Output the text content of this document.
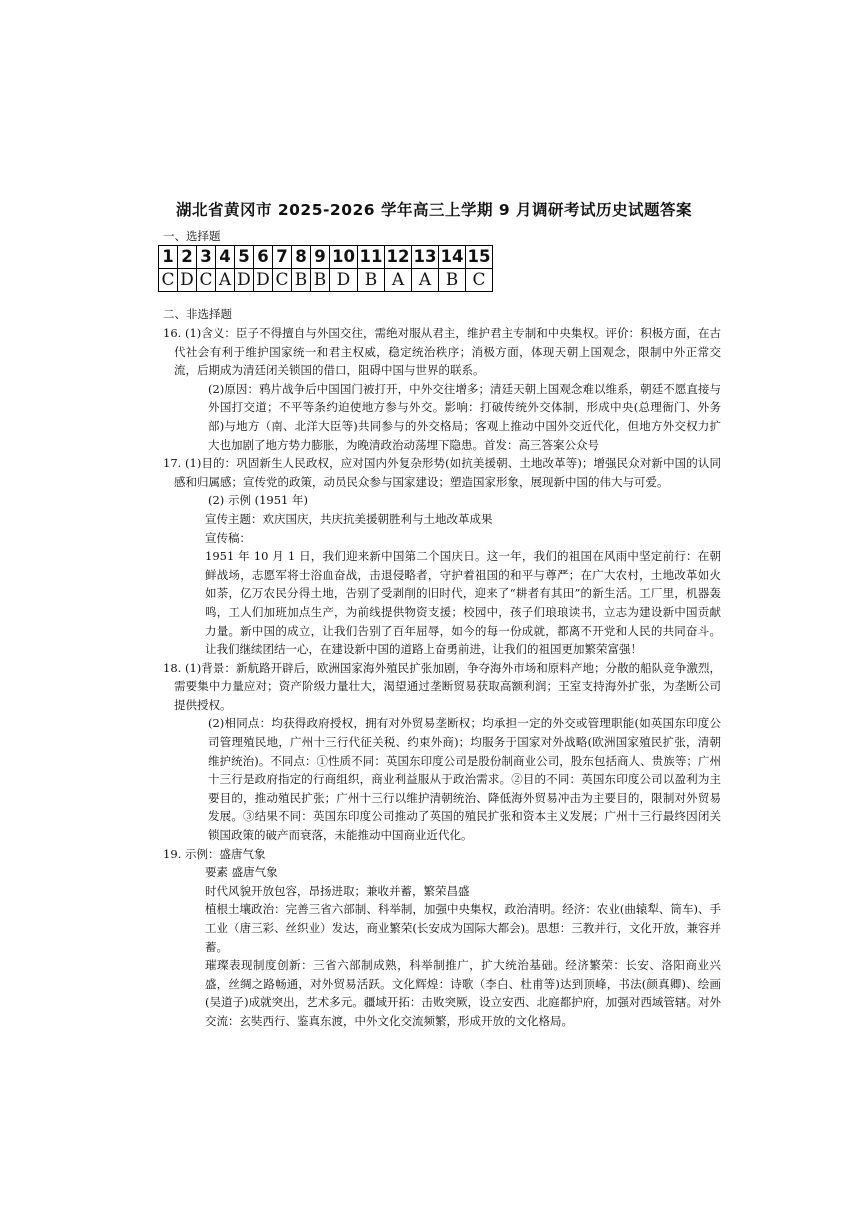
湖北省黄冈市 2025-2026 学年高三上学期 9 月调研考试历史试题答案
一、选择题
1	2	3	4	5	6	7	8	9	10	11	12	13	14	15
C	D	C	A	D	D	C	B	B	D	B	A	A	B	C
二、非选择题

16. (1)含义：臣子不得擅自与外国交往，需绝对服从君主，维护君主专制和中央集权。评价：积极方面，在古代社会有利于维护国家统一和君主权威，稳定统治秩序；消极方面，体现天朝上国观念，限制中外正常交流，后期成为清廷闭关锁国的借口，阻碍中国与世界的联系。

(2)原因：鸦片战争后中国国门被打开，中外交往增多；清廷天朝上国观念难以维系，朝廷不愿直接与外国打交道；不平等条约迫使地方参与外交。影响：打破传统外交体制，形成中央(总理衙门、外务部)与地方（南、北洋大臣等)共同参与的外交格局；客观上推动中国外交近代化，但地方外交权力扩大也加剧了地方势力膨胀，为晚清政治动荡埋下隐患。首发：高三答案公众号

17. (1)目的：巩固新生人民政权，应对国内外复杂形势(如抗美援朝、土地改革等)；增强民众对新中国的认同感和归属感；宣传党的政策，动员民众参与国家建设；塑造国家形象，展现新中国的伟大与可爱。

(2) 示例 (1951 年)

宣传主题：欢庆国庆，共庆抗美援朝胜利与土地改革成果

宣传稿：

1951 年 10 月 1 日，我们迎来新中国第二个国庆日。这一年，我们的祖国在风雨中坚定前行：在朝鲜战场，志愿军将士浴血奋战，击退侵略者，守护着祖国的和平与尊严；在广大农村，土地改革如火如荼，亿万农民分得土地，告别了受剥削的旧时代，迎来了“耕者有其田”的新生活。工厂里，机器轰鸣，工人们加班加点生产，为前线提供物资支援；校园中，孩子们琅琅读书，立志为建设新中国贡献力量。新中国的成立，让我们告别了百年屈辱，如今的每一份成就，都离不开党和人民的共同奋斗。让我们继续团结一心，在建设新中国的道路上奋勇前进，让我们的祖国更加繁荣富强！

18. (1)背景：新航路开辟后，欧洲国家海外殖民扩张加剧，争夺海外市场和原料产地；分散的船队竞争激烈，需要集中力量应对；资产阶级力量壮大，渴望通过垄断贸易获取高额利润；王室支持海外扩张，为垄断公司提供授权。

(2)相同点：均获得政府授权，拥有对外贸易垄断权；均承担一定的外交或管理职能(如英国东印度公司管理殖民地，广州十三行代征关税、约束外商)；均服务于国家对外战略(欧洲国家殖民扩张，清朝维护统治)。不同点：①性质不同：英国东印度公司是股份制商业公司，股东包括商人、贵族等；广州十三行是政府指定的行商组织，商业利益服从于政治需求。②目的不同：英国东印度公司以盈利为主要目的，推动殖民扩张；广州十三行以维护清朝统治、降低海外贸易冲击为主要目的，限制对外贸易发展。③结果不同：英国东印度公司推动了英国的殖民扩张和资本主义发展；广州十三行最终因闭关锁国政策的破产而衰落，未能推动中国商业近代化。

19. 示例：盛唐气象

要素 盛唐气象

时代风貌开放包容，昂扬进取；兼收并蓄，繁荣昌盛

植根土壤政治：完善三省六部制、科举制，加强中央集权，政治清明。经济：农业(曲辕犁、筒车)、手工业（唐三彩、丝织业）发达，商业繁荣(长安成为国际大都会)。思想：三教并行，文化开放，兼容并蓄。

璀璨表现制度创新：三省六部制成熟，科举制推广，扩大统治基础。经济繁荣：长安、洛阳商业兴盛，丝绸之路畅通，对外贸易活跃。文化辉煌：诗歌（李白、杜甫等)达到顶峰，书法(颜真卿)、绘画(吴道子)成就突出，艺术多元。疆域开拓：击败突厥，设立安西、北庭都护府，加强对西域管辖。对外交流：玄奘西行、鉴真东渡，中外文化交流频繁，形成开放的文化格局。
